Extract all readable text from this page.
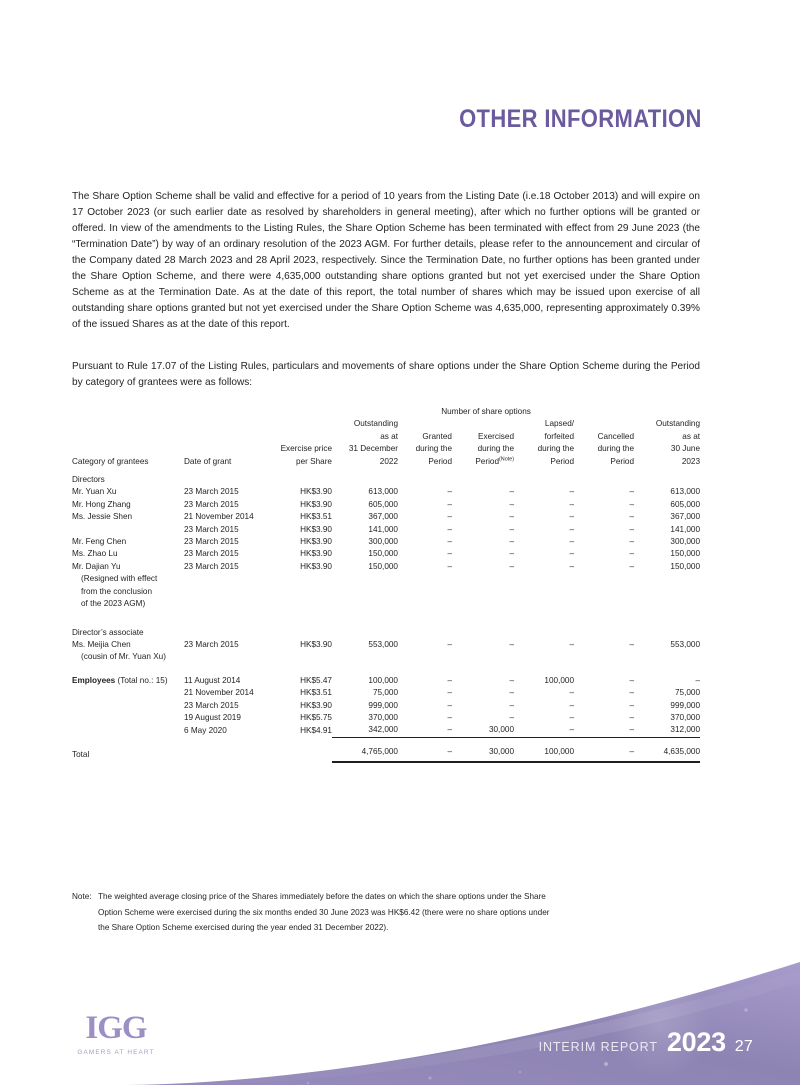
OTHER INFORMATION
The Share Option Scheme shall be valid and effective for a period of 10 years from the Listing Date (i.e.18 October 2013) and will expire on 17 October 2023 (or such earlier date as resolved by shareholders in general meeting), after which no further options will be granted or offered. In view of the amendments to the Listing Rules, the Share Option Scheme has been terminated with effect from 29 June 2023 (the “Termination Date”) by way of an ordinary resolution of the 2023 AGM. For further details, please refer to the announcement and circular of the Company dated 28 March 2023 and 28 April 2023, respectively. Since the Termination Date, no further options has been granted under the Share Option Scheme, and there were 4,635,000 outstanding share options granted but not yet exercised under the Share Option Scheme as at the Termination Date. As at the date of this report, the total number of shares which may be issued upon exercise of all outstanding share options granted but not yet exercised under the Share Option Scheme was 4,635,000, representing approximately 0.39% of the issued Shares as at the date of this report.
Pursuant to Rule 17.07 of the Listing Rules, particulars and movements of share options under the Share Option Scheme during the Period by category of grantees were as follows:
				Number of share options				
			Outstanding			Lapsed/		Outstanding
			as at	Granted	Exercised	forfeited	Cancelled	as at
		Exercise price	31 December	during the	during the	during the	during the	30 June
Category of grantees	Date of grant	per Share	2022	Period	Period$^{(Note)}$	Period	Period	2023

Directors								
Mr. Yuan Xu	23 March 2015	HK$3.90	613,000	–	–	–	–	613,000
Mr. Hong Zhang	23 March 2015	HK$3.90	605,000	–	–	–	–	605,000
Ms. Jessie Shen	21 November 2014	HK$3.51	367,000	–	–	–	–	367,000
	23 March 2015	HK$3.90	141,000	–	–	–	–	141,000
Mr. Feng Chen	23 March 2015	HK$3.90	300,000	–	–	–	–	300,000
Ms. Zhao Lu	23 March 2015	HK$3.90	150,000	–	–	–	–	150,000
Mr. Dajian Yu	23 March 2015	HK$3.90	150,000	–	–	–	–	150,000
(Resigned with effect								
from the conclusion								
of the 2023 AGM)								

Director’s associate								
Ms. Meijia Chen	23 March 2015	HK$3.90	553,000	–	–	–	–	553,000
(cousin of Mr. Yuan Xu)								

Employees (Total no.: 15)	11 August 2014	HK$5.47	100,000	–	–	100,000	–	–
	21 November 2014	HK$3.51	75,000	–	–	–	–	75,000
	23 March 2015	HK$3.90	999,000	–	–	–	–	999,000
	19 August 2019	HK$5.75	370,000	–	–	–	–	370,000
	6 May 2020	HK$4.91	342,000	–	30,000	–	–	312,000

Total			4,765,000	–	30,000	100,000	–	4,635,000
Note: The weighted average closing price of the Shares immediately before the dates on which the share options under the Share
Option Scheme were exercised during the six months ended 30 June 2023 was HK$6.42 (there were no share options under
the Share Option Scheme exercised during the year ended 31 December 2022).
INTERIM REPORT 2023 27
IGG
GAMERS AT HEART
